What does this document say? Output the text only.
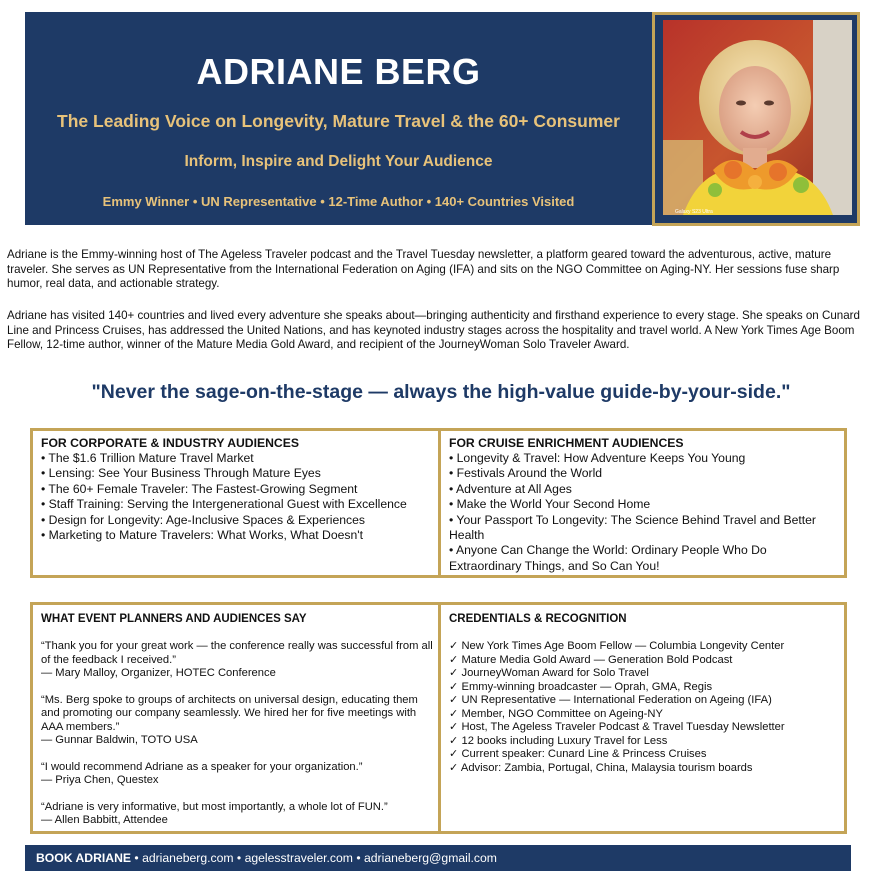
ADRIANE BERG
The Leading Voice on Longevity, Mature Travel & the 60+ Consumer
Inform, Inspire and Delight Your Audience
Emmy Winner • UN Representative • 12-Time Author • 140+ Countries Visited
Galaxy S23 Ultra
Adriane is the Emmy-winning host of The Ageless Traveler podcast and the Travel Tuesday newsletter, a platform geared toward the adventurous, active, mature traveler. She serves as UN Representative from the International Federation on Aging (IFA) and sits on the NGO Committee on Aging-NY. Her sessions fuse sharp humor, real data, and actionable strategy.
Adriane has visited 140+ countries and lived every adventure she speaks about—bringing authenticity and firsthand experience to every stage. She speaks on Cunard Line and Princess Cruises, has addressed the United Nations, and has keynoted industry stages across the hospitality and travel world. A New York Times Age Boom Fellow, 12-time author, winner of the Mature Media Gold Award, and recipient of the JourneyWoman Solo Traveler Award.
"Never the sage-on-the-stage — always the high-value guide-by-your-side."
FOR CORPORATE & INDUSTRY AUDIENCES
• The $1.6 Trillion Mature Travel Market
• Lensing: See Your Business Through Mature Eyes
• The 60+ Female Traveler: The Fastest-Growing Segment
• Staff Training: Serving the Intergenerational Guest with Excellence
• Design for Longevity: Age-Inclusive Spaces & Experiences
• Marketing to Mature Travelers: What Works, What Doesn't
FOR CRUISE ENRICHMENT AUDIENCES
• Longevity & Travel: How Adventure Keeps You Young
• Festivals Around the World
• Adventure at All Ages
• Make the World Your Second Home
• Your Passport To Longevity: The Science Behind Travel and Better Health
• Anyone Can Change the World: Ordinary People Who Do Extraordinary Things, and So Can You!
WHAT EVENT PLANNERS AND AUDIENCES SAY
“Thank you for your great work — the conference really was successful from all of the feedback I received.”
— Mary Malloy, Organizer, HOTEC Conference
“Ms. Berg spoke to groups of architects on universal design, educating them and promoting our company seamlessly. We hired her for five meetings with AAA members.”
— Gunnar Baldwin, TOTO USA
“I would recommend Adriane as a speaker for your organization.”
— Priya Chen, Questex
“Adriane is very informative, but most importantly, a whole lot of FUN.”
— Allen Babbitt, Attendee
CREDENTIALS & RECOGNITION
✓ New York Times Age Boom Fellow — Columbia Longevity Center
✓ Mature Media Gold Award — Generation Bold Podcast
✓ JourneyWoman Award for Solo Travel
✓ Emmy-winning broadcaster — Oprah, GMA, Regis
✓ UN Representative — International Federation on Ageing (IFA)
✓ Member, NGO Committee on Ageing-NY
✓ Host, The Ageless Traveler Podcast & Travel Tuesday Newsletter
✓ 12 books including Luxury Travel for Less
✓ Current speaker: Cunard Line & Princess Cruises
✓ Advisor: Zambia, Portugal, China, Malaysia tourism boards
BOOK ADRIANE • adrianeberg.com • agelesstraveler.com • adrianeberg@gmail.com
